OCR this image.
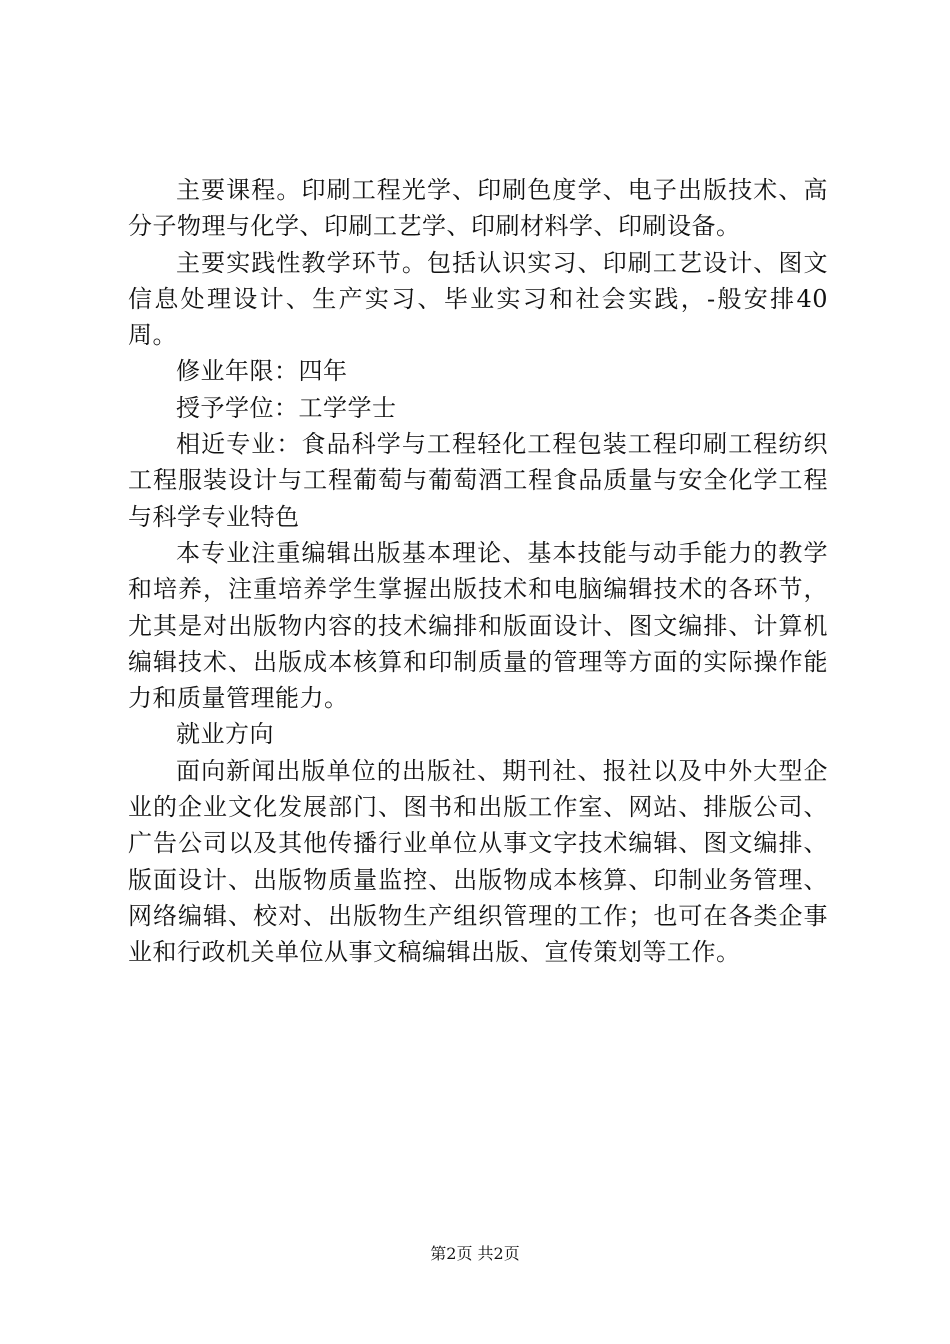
主要课程。印刷工程光学、印刷色度学、电子出版技术、高分子物理与化学、印刷工艺学、印刷材料学、印刷设备。

主要实践性教学环节。包括认识实习、印刷工艺设计、图文信息处理设计、生产实习、毕业实习和社会实践，-般安排40周。

修业年限：四年

授予学位：工学学士

相近专业：食品科学与工程轻化工程包装工程印刷工程纺织工程服装设计与工程葡萄与葡萄酒工程食品质量与安全化学工程与科学专业特色

本专业注重编辑出版基本理论、基本技能与动手能力的教学和培养，注重培养学生掌握出版技术和电脑编辑技术的各环节，尤其是对出版物内容的技术编排和版面设计、图文编排、计算机编辑技术、出版成本核算和印制质量的管理等方面的实际操作能力和质量管理能力。

就业方向

面向新闻出版单位的出版社、期刊社、报社以及中外大型企业的企业文化发展部门、图书和出版工作室、网站、排版公司、广告公司以及其他传播行业单位从事文字技术编辑、图文编排、版面设计、出版物质量监控、出版物成本核算、印制业务管理、网络编辑、校对、出版物生产组织管理的工作；也可在各类企事业和行政机关单位从事文稿编辑出版、宣传策划等工作。

第2页 共2页
